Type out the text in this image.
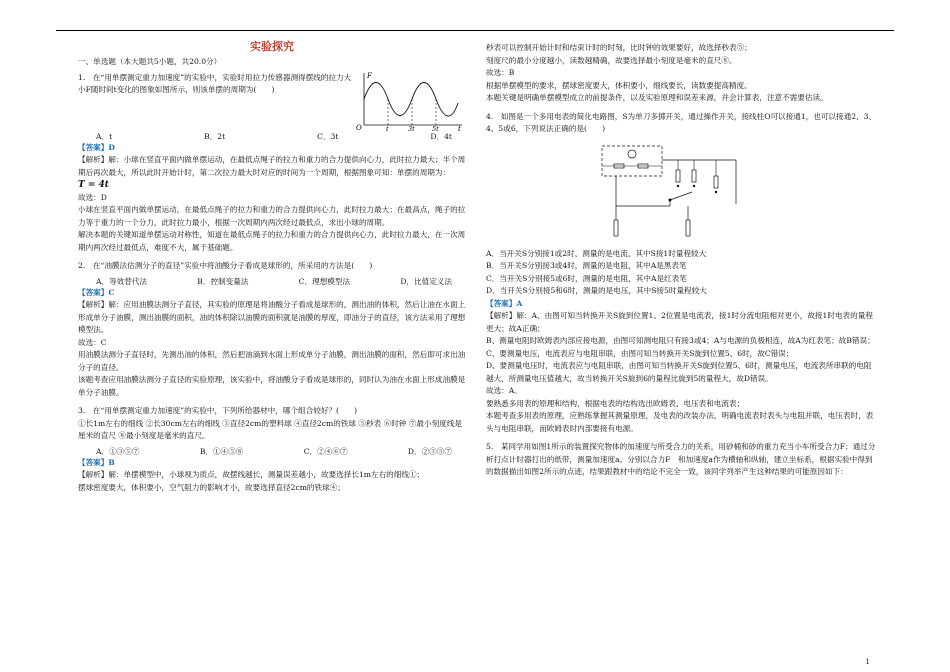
实验探究

一、单选题（本大题共5小题，共20.0分）

1.　在“用单摆测定重力加速度”的实验中，实验时用拉力传感器测得摆线的拉力大小F随时间t变化的图象如图所示，则该单摆的周期为(　　)

F
O	t
t	3t	5t
A．t	B．2t	C．3t	D．4t

【答案】D

【解析】解：小球在竖直平面内做单摆运动，在最低点绳子的拉力和重力的合力提供向心力，此时拉力最大；半个周期后再次最大，所以此时开始计时，第二次拉力最大时对应的时间为一个周期，根据图象可知：单摆的周期为：

T = 4t

故选：D

小球在竖直平面内做单摆运动，在最低点绳子的拉力和重力的合力提供向心力，此时拉力最大；在最高点，绳子的拉力等于重力的一个分力，此时拉力最小，根据一次周期内两次经过最低点，求出小球的周期。

解决本题的关键知道单摆运动对称性，知道在最低点绳子的拉力和重力的合力提供向心力，此时拉力最大，在一次周期内两次经过最低点，难度不大，属于基础题。

2.　在“油膜法估测分子的直径”实验中将油酸分子看成是球形的，所采用的方法是(　　)

A．等效替代法	B．控制变量法	C．理想模型法	D．比值定义法

【答案】C

【解析】解：应用油膜法测分子直径，其实验的原理是将油酸分子看成是球形的，测出油的体积，然后让油在水面上形成单分子油膜，测出油膜的面积，油的体积除以油膜的面积就是油膜的厚度，即油分子的直径，该方法采用了理想模型法。

故选：C

用油膜法测分子直径时，先测出油的体积，然后把油滴到水面上形成单分子油膜，测出油膜的面积，然后即可求出油分子的直径。

该题考查应用油膜法测分子直径的实验原理，该实验中，将油酸分子看成是球形的，同时认为油在水面上形成油膜是单分子油膜。

3.　在“用单摆测定重力加速度”的实验中，下列所给器材中，哪个组合较好？(　　)

①长1m左右的细线 ②长30cm左右的细线 ③直径2cm的塑料球 ④直径2cm的铁球 ⑤秒表 ⑥时钟 ⑦最小刻度线是厘米的直尺 ⑧最小刻度是毫米的直尺。

A．①③⑤⑦	B．①④⑤⑧	C．②④⑥⑦	D．②③⑤⑦

【答案】B

【解析】解：单摆模型中，小球视为质点，故摆线越长，测量误差越小，故要选择长1m左右的细线①；

摆球密度要大，体积要小，空气阻力的影响才小，故要选择直径2cm的铁球④；

秒表可以控制开始计时和结束计时的时刻，比时钟的效果要好，故选择秒表⑤；

刻度尺的最小分度越小，读数越精确，故要选择最小刻度是毫米的直尺⑧。

故选：B

根据单摆模型的要求，摆球密度要大，体积要小，细线要长，读数要提高精度。

本题关键是明确单摆模型成立的前提条件，以及实验原理和误差来源，并会计算表，注意不需要估读。

4.　如图是一个多用电表的简化电路图，S为单刀多掷开关，通过操作开关，接线柱O可以接通1，也可以接通2、3、4、5或6，下列说法正确的是(　　)

A．当开关S分别接1或2时，测量的是电流，其中S接1时量程较大

B．当开关S分别接3或4时，测量的是电阻，其中A是黑表笔

C．当开关S分别接5或6时，测量的是电阻，其中A是红表笔

D．当开关S分别接5和6时，测量的是电压，其中S接5时量程较大

【答案】A

【解析】解：A、由图可知当转换开关S旋到位置1、2位置是电流表，接1时分流电阻相对更小，故接1时电表的量程更大；故A正确；

B、测量电阻时欧姆表内部应接电源，由图可知测电阻只有接3或4；A与电源的负极相连，故A为红表笔；故B错误；

C、要测量电压，电流表应与电阻串联，由图可知当转换开关S旋到位置5、6时，故C错误；

D、要测量电压时，电流表应与电阻串联，由图可知当转换开关S旋到位置5、6时，测量电压，电流表所串联的电阻越大，所测量电压值越大，故当转换开关S旋到6的量程比旋到5的量程大，故D错误。

故选：A。

要熟悉多用表的原理和结构，根据电表的结构选出欧姆表、电压表和电流表；

本题考查多用表的原理，应熟练掌握其测量原理，及电表的改装办法，明确电流表时表头与电阻并联，电压表时，表头与电阻串联，而欧姆表时内部要接有电源。

5.　某同学用如图1所示的装置探究物体的加速度与所受合力的关系，用砂桶和砂的重力充当小车所受合力F；通过分析打点计时器打出的纸带，测量加速度a。分别以合力F　和加速度a作为横轴和纵轴，建立坐标系，根据实验中得到的数据描出如图2所示的点迹，结果跟教材中的结论不完全一致，该同学列举产生这种结果的可能原因如下：

1
